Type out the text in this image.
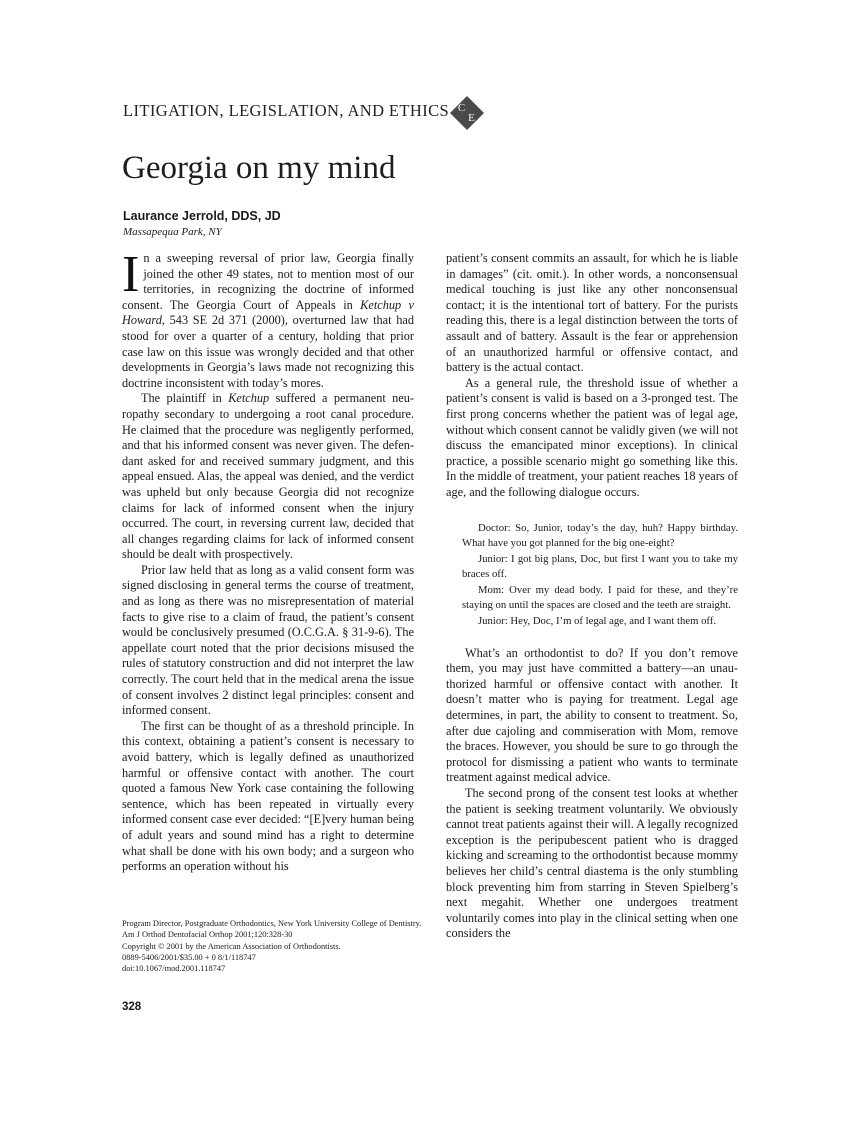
LITIGATION, LEGISLATION, AND ETHICS C
E
Georgia on my mind
Laurance Jerrold, DDS, JD
Massapequa Park, NY

In a sweeping reversal of prior law, Georgia finally joined the other 49 states, not to mention most of our territories, in recognizing the doctrine of informed consent. The Georgia Court of Appeals in Ketchup v Howard, 543 SE 2d 371 (2000), overturned law that had stood for over a quarter of a century, holding that prior case law on this issue was wrongly decided and that other developments in Georgia’s laws made not recognizing this doctrine inconsistent with today’s mores.

The plaintiff in Ketchup suffered a permanent neuropathy secondary to undergoing a root canal procedure. He claimed that the procedure was negligently performed, and that his informed consent was never given. The defendant asked for and received summary judgment, and this appeal ensued. Alas, the appeal was denied, and the verdict was upheld but only because Georgia did not recognize claims for lack of informed consent when the injury occurred. The court, in reversing current law, decided that all changes regarding claims for lack of informed consent should be dealt with prospectively.

Prior law held that as long as a valid consent form was signed disclosing in general terms the course of treatment, and as long as there was no misrepresentation of material facts to give rise to a claim of fraud, the patient’s consent would be conclusively presumed (O.C.G.A. § 31-9-6). The appellate court noted that the prior decisions misused the rules of statutory construction and did not interpret the law correctly. The court held that in the medical arena the issue of consent involves 2 distinct legal principles: consent and informed consent.

The first can be thought of as a threshold principle. In this context, obtaining a patient’s consent is necessary to avoid battery, which is legally defined as unauthorized harmful or offensive contact with another. The court quoted a famous New York case containing the following sentence, which has been repeated in virtually every informed consent case ever decided: “[E]very human being of adult years and sound mind has a right to determine what shall be done with his own body; and a surgeon who performs an operation without his

Program Director, Postgraduate Orthodontics, New York University College of Dentistry.
Am J Orthod Dentofacial Orthop 2001;120:328-30
Copyright © 2001 by the American Association of Orthodontists.
0889-5406/2001/$35.00 + 0 8/1/118747
doi:10.1067/mod.2001.118747
328

patient’s consent commits an assault, for which he is liable in damages” (cit. omit.). In other words, a nonconsensual medical touching is just like any other nonconsensual contact; it is the intentional tort of battery. For the purists reading this, there is a legal distinction between the torts of assault and of battery. Assault is the fear or apprehension of an unauthorized harmful or offensive contact, and battery is the actual contact.

As a general rule, the threshold issue of whether a patient’s consent is valid is based on a 3-pronged test. The first prong concerns whether the patient was of legal age, without which consent cannot be validly given (we will not discuss the emancipated minor exceptions). In clinical practice, a possible scenario might go something like this. In the middle of treatment, your patient reaches 18 years of age, and the following dialogue occurs.

Doctor: So, Junior, today’s the day, huh? Happy birthday. What have you got planned for the big one-eight?

Junior: I got big plans, Doc, but first I want you to take my braces off.

Mom: Over my dead body. I paid for these, and they’re staying on until the spaces are closed and the teeth are straight.

Junior: Hey, Doc, I’m of legal age, and I want them off.

What’s an orthodontist to do? If you don’t remove them, you may just have committed a battery—an unauthorized harmful or offensive contact with another. It doesn’t matter who is paying for treatment. Legal age determines, in part, the ability to consent to treatment. So, after due cajoling and commiseration with Mom, remove the braces. However, you should be sure to go through the protocol for dismissing a patient who wants to terminate treatment against medical advice.

The second prong of the consent test looks at whether the patient is seeking treatment voluntarily. We obviously cannot treat patients against their will. A legally recognized exception is the peripubescent patient who is dragged kicking and screaming to the orthodontist because mommy believes her child’s central diastema is the only stumbling block preventing him from starring in Steven Spielberg’s next megahit. Whether one undergoes treatment voluntarily comes into play in the clinical setting when one considers the
